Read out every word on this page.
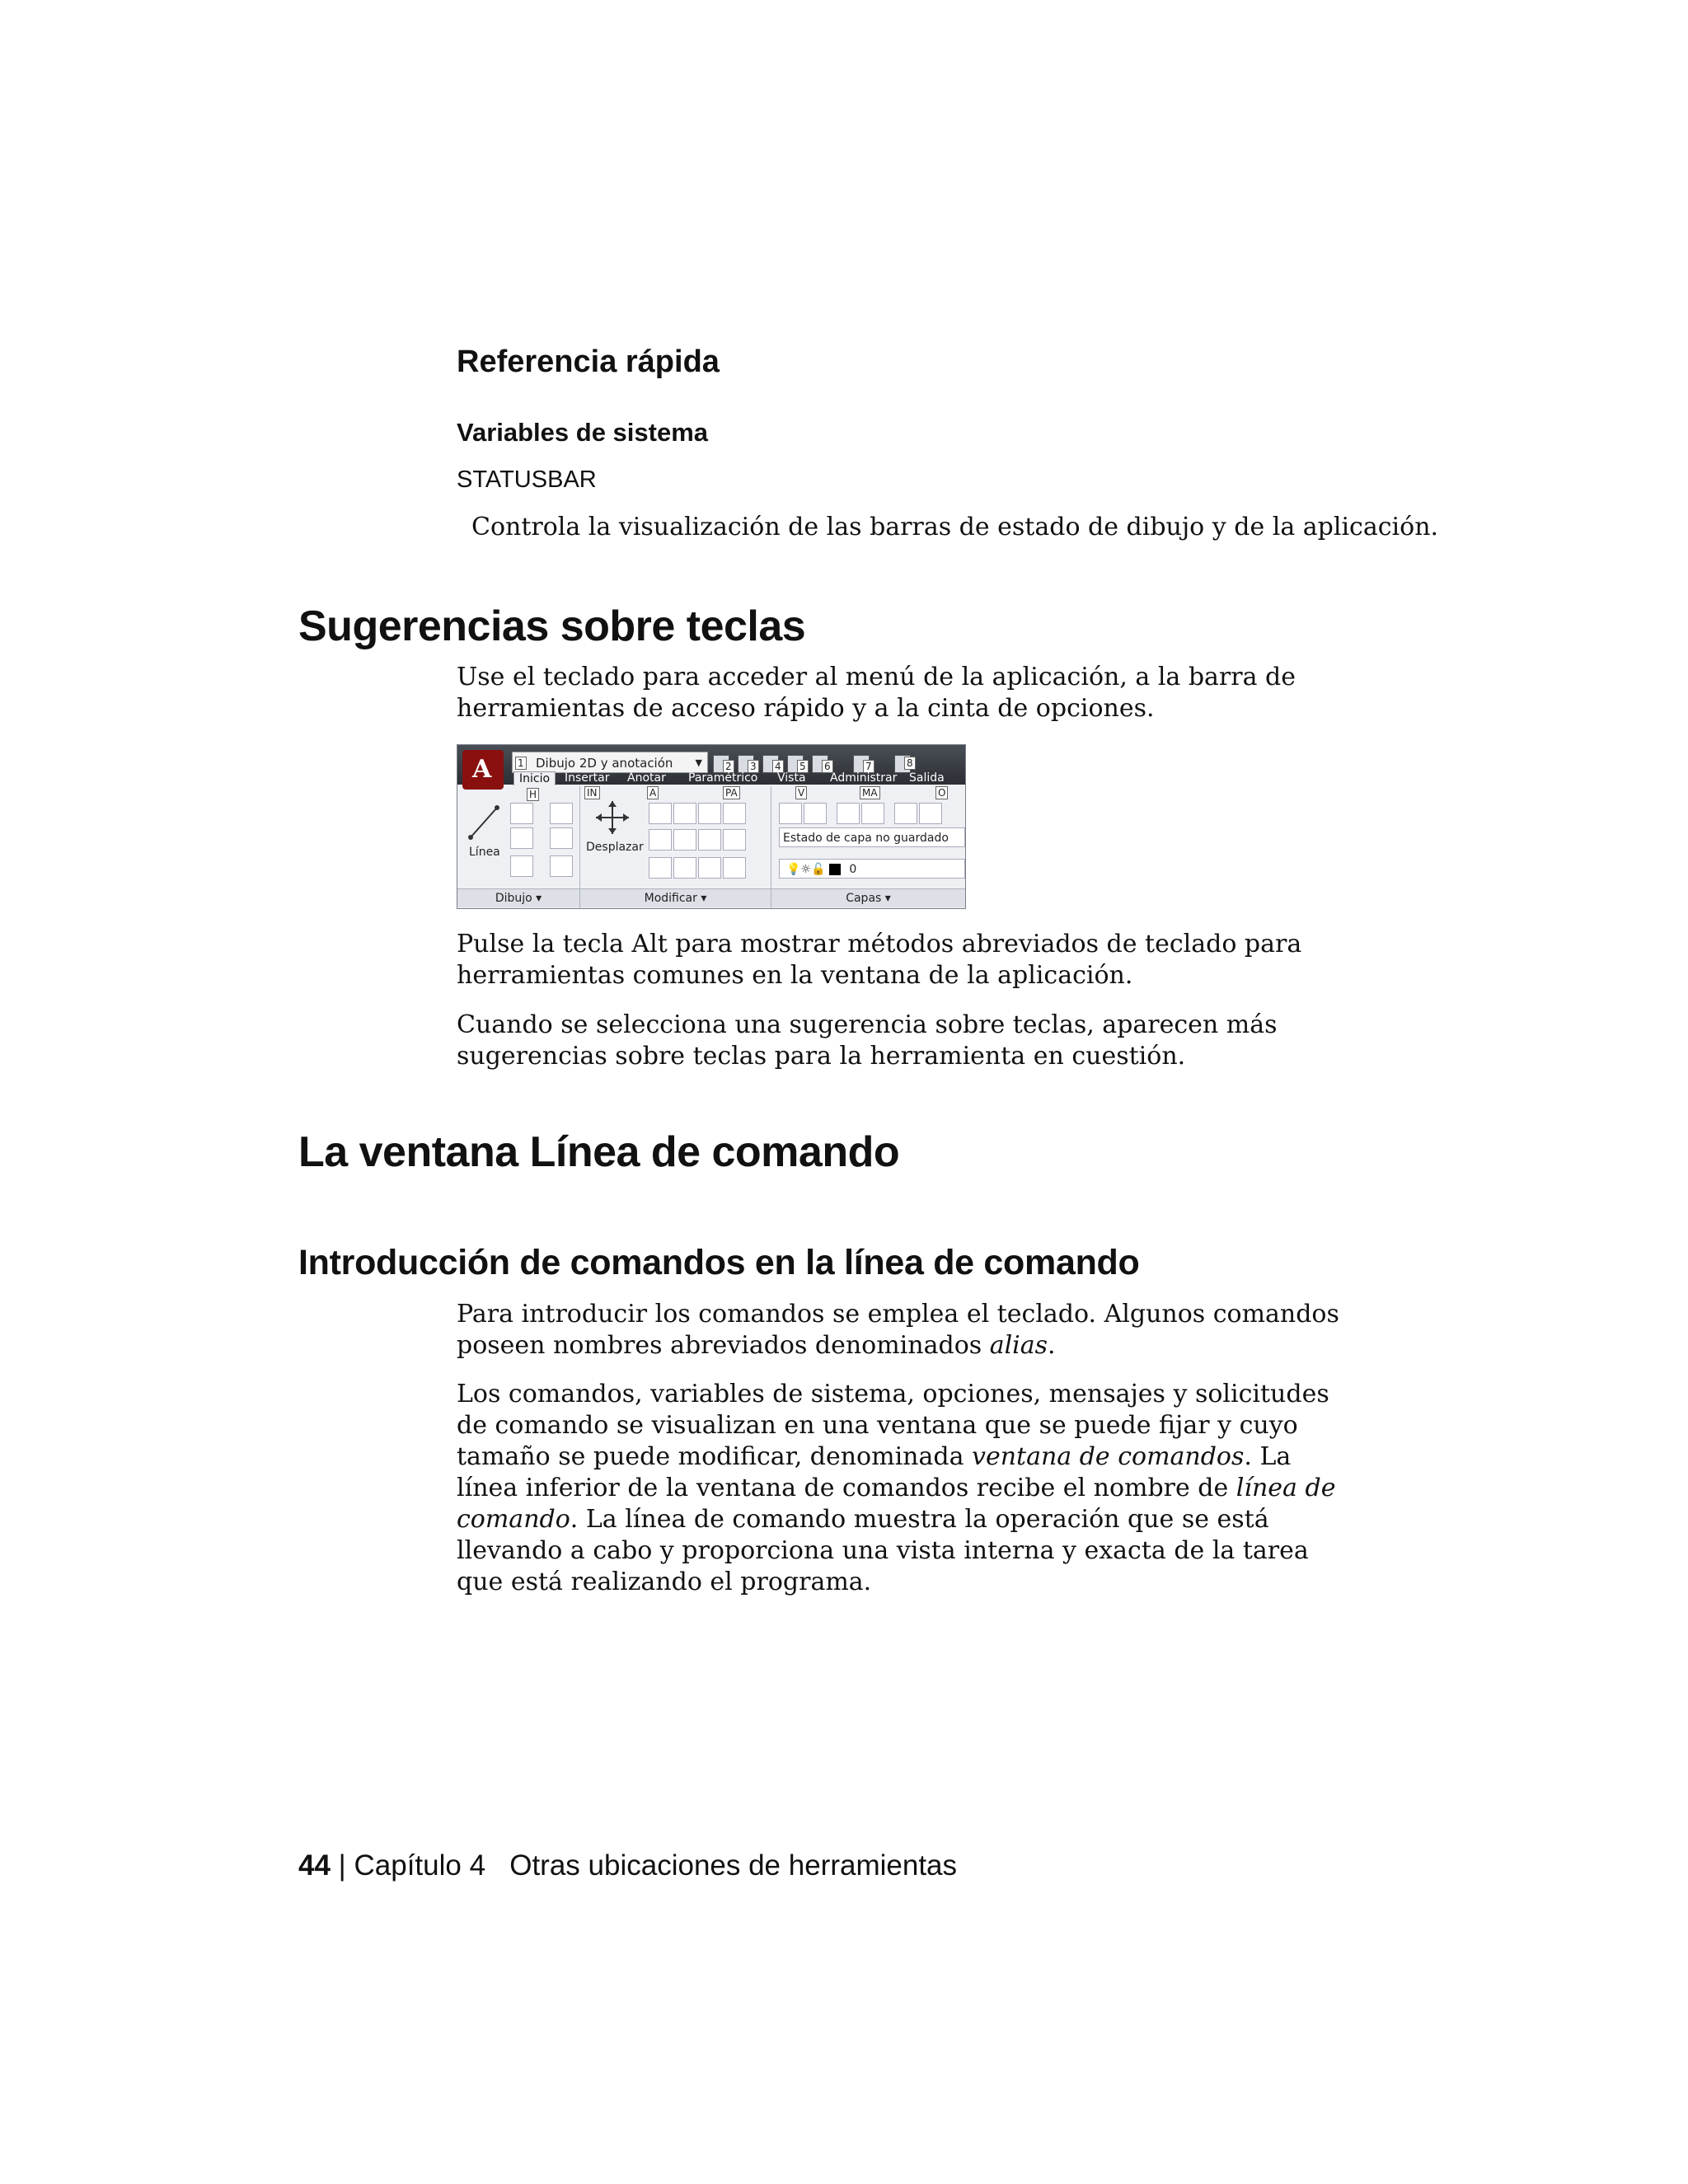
Referencia rápida
Variables de sistema
STATUSBAR
Controla la visualización de las barras de estado de dibujo y de la aplicación.
Sugerencias sobre teclas

Use el teclado para acceder al menú de la aplicación, a la barra de herramientas de acceso rápido y a la cinta de opciones.

A	Dibujo 2D y anotación ▼
1	2 3 4 5 6	7	8
Inicio	Insertar Anotar Paramétrico Vista Administrar Salida
H	IN	A	PA	V	MA	O
Línea	Desplazar
Estado de capa no guardado
💡☼🔓 0
Dibujo ▾	Modificar ▾	Capas ▾

Pulse la tecla Alt para mostrar métodos abreviados de teclado para herramientas comunes en la ventana de la aplicación.

Cuando se selecciona una sugerencia sobre teclas, aparecen más sugerencias sobre teclas para la herramienta en cuestión.

La ventana Línea de comando
Introducción de comandos en la línea de comando

Para introducir los comandos se emplea el teclado. Algunos comandos poseen nombres abreviados denominados alias.

Los comandos, variables de sistema, opciones, mensajes y solicitudes de comando se visualizan en una ventana que se puede fijar y cuyo tamaño se puede modificar, denominada ventana de comandos. La línea inferior de la ventana de comandos recibe el nombre de línea de comando. La línea de comando muestra la operación que se está llevando a cabo y proporciona una vista interna y exacta de la tarea que está realizando el programa.

44 | Capítulo 4 Otras ubicaciones de herramientas
